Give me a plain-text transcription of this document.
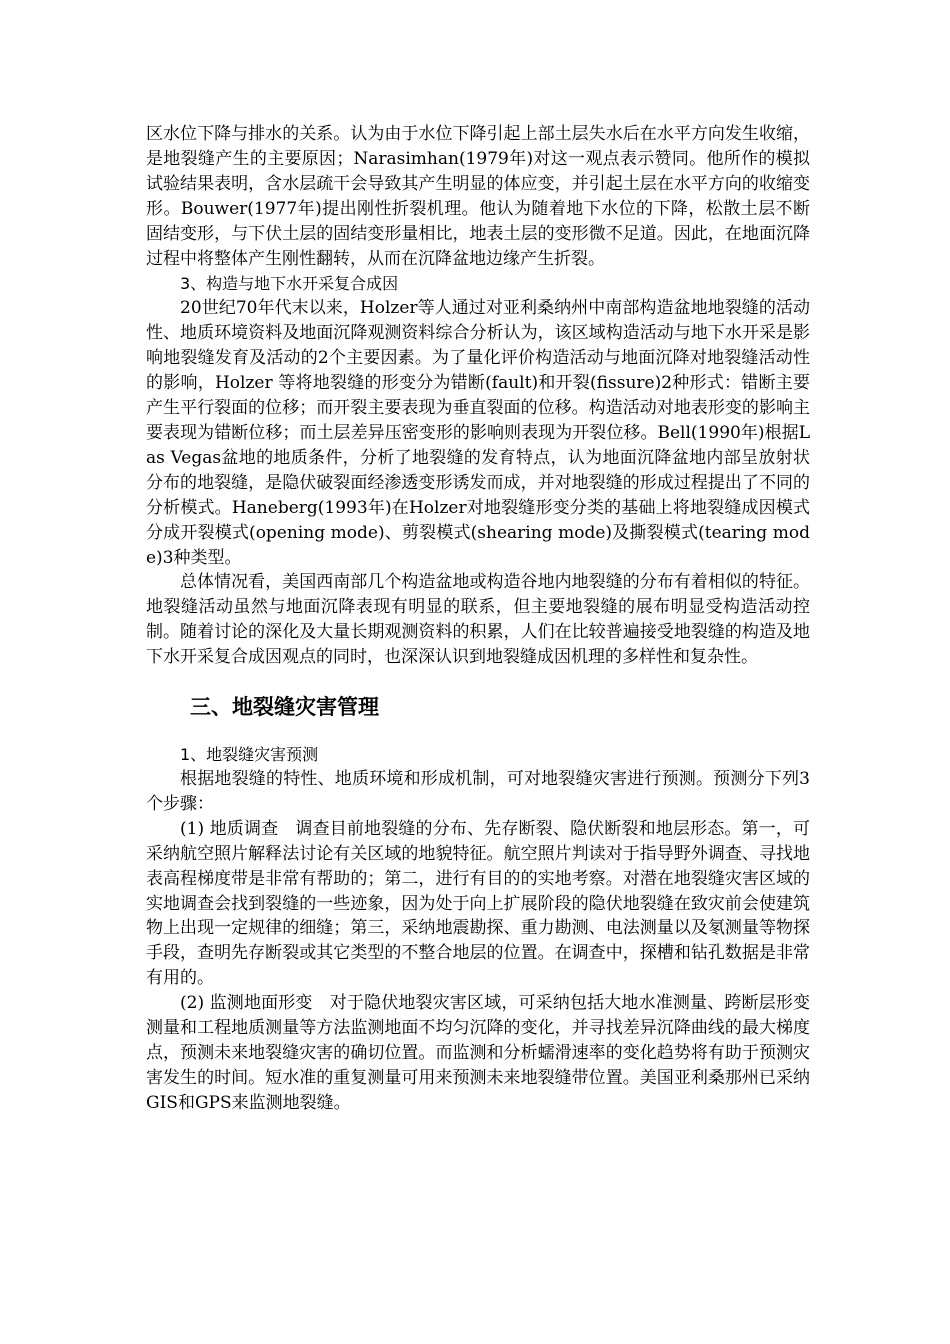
区水位下降与排水的关系。认为由于水位下降引起上部土层失水后在水平方向发生收缩，是地裂缝产生的主要原因；Narasimhan(1979年)对这一观点表示赞同。他所作的模拟试验结果表明，含水层疏干会导致其产生明显的体应变，并引起土层在水平方向的收缩变形。Bouwer(1977年)提出刚性折裂机理。他认为随着地下水位的下降，松散土层不断固结变形，与下伏土层的固结变形量相比，地表土层的变形微不足道。因此，在地面沉降过程中将整体产生刚性翻转，从而在沉降盆地边缘产生折裂。

3、构造与地下水开采复合成因

20世纪70年代末以来，Holzer等人通过对亚利桑纳州中南部构造盆地地裂缝的活动性、地质环境资料及地面沉降观测资料综合分析认为，该区域构造活动与地下水开采是影响地裂缝发育及活动的2个主要因素。为了量化评价构造活动与地面沉降对地裂缝活动性的影响，Holzer 等将地裂缝的形变分为错断(fault)和开裂(fissure)2种形式：错断主要产生平行裂面的位移；而开裂主要表现为垂直裂面的位移。构造活动对地表形变的影响主要表现为错断位移；而土层差异压密变形的影响则表现为开裂位移。Bell(1990年)根据Las Vegas盆地的地质条件，分析了地裂缝的发育特点，认为地面沉降盆地内部呈放射状分布的地裂缝，是隐伏破裂面经渗透变形诱发而成，并对地裂缝的形成过程提出了不同的分析模式。Haneberg(1993年)在Holzer对地裂缝形变分类的基础上将地裂缝成因模式分成开裂模式(opening mode)、剪裂模式(shearing mode)及撕裂模式(tearing mode)3种类型。

总体情况看，美国西南部几个构造盆地或构造谷地内地裂缝的分布有着相似的特征。地裂缝活动虽然与地面沉降表现有明显的联系，但主要地裂缝的展布明显受构造活动控制。随着讨论的深化及大量长期观测资料的积累，人们在比较普遍接受地裂缝的构造及地下水开采复合成因观点的同时，也深深认识到地裂缝成因机理的多样性和复杂性。

三、地裂缝灾害管理

1、地裂缝灾害预测

根据地裂缝的特性、地质环境和形成机制，可对地裂缝灾害进行预测。预测分下列3个步骤：

(1) 地质调查　调查目前地裂缝的分布、先存断裂、隐伏断裂和地层形态。第一，可采纳航空照片解释法讨论有关区域的地貌特征。航空照片判读对于指导野外调查、寻找地表高程梯度带是非常有帮助的；第二，进行有目的的实地考察。对潜在地裂缝灾害区域的实地调查会找到裂缝的一些迹象，因为处于向上扩展阶段的隐伏地裂缝在致灾前会使建筑物上出现一定规律的细缝；第三，采纳地震勘探、重力勘测、电法测量以及氡测量等物探手段，查明先存断裂或其它类型的不整合地层的位置。在调查中，探槽和钻孔数据是非常有用的。

(2) 监测地面形变　对于隐伏地裂灾害区域，可采纳包括大地水准测量、跨断层形变测量和工程地质测量等方法监测地面不均匀沉降的变化，并寻找差异沉降曲线的最大梯度点，预测未来地裂缝灾害的确切位置。而监测和分析蠕滑速率的变化趋势将有助于预测灾害发生的时间。短水准的重复测量可用来预测未来地裂缝带位置。美国亚利桑那州已采纳GIS和GPS来监测地裂缝。
